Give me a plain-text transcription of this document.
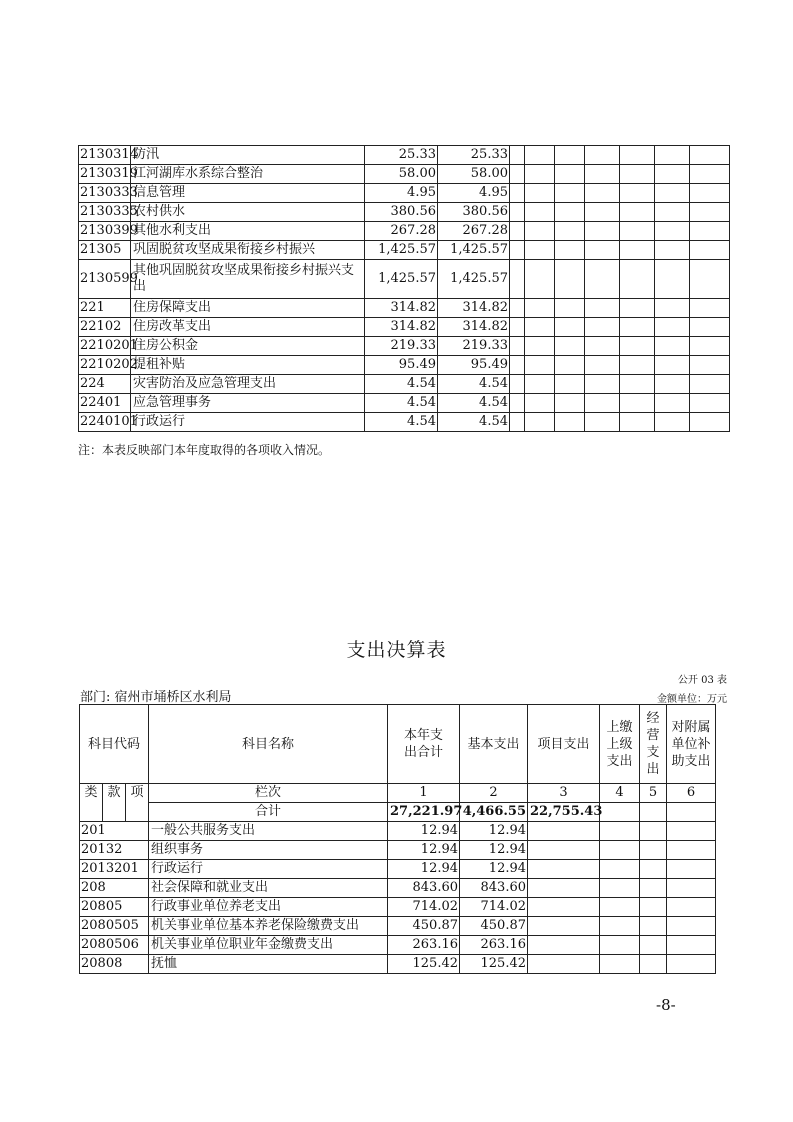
2130314	防汛	25.33	25.33							
2130319	江河湖库水系综合整治	58.00	58.00							
2130333	信息管理	4.95	4.95							
2130335	农村供水	380.56	380.56							
2130399	其他水利支出	267.28	267.28							
21305	巩固脱贫攻坚成果衔接乡村振兴	1,425.57	1,425.57							
2130599	其他巩固脱贫攻坚成果衔接乡村振兴支出	1,425.57	1,425.57							
221	住房保障支出	314.82	314.82							
22102	住房改革支出	314.82	314.82							
2210201	住房公积金	219.33	219.33							
2210202	提租补贴	95.49	95.49							
224	灾害防治及应急管理支出	4.54	4.54							
22401	应急管理事务	4.54	4.54							
2240101	行政运行	4.54	4.54							
注：本表反映部门本年度取得的各项收入情况。
支出决算表
公开 03 表
部门: 宿州市埇桥区水利局	金额单位：万元
科目代码			科目名称	本年支出合计	基本支出	项目支出	上缴上级支出	经营支出	对附属单位补助支出
类	款	项	栏次	1	2	3	4	5	6
			合计	27,221.97	4,466.55	22,755.43			
201			一般公共服务支出	12.94	12.94				
20132			组织事务	12.94	12.94				
2013201			行政运行	12.94	12.94				
208			社会保障和就业支出	843.60	843.60				
20805			行政事业单位养老支出	714.02	714.02				
2080505			机关事业单位基本养老保险缴费支出	450.87	450.87				
2080506			机关事业单位职业年金缴费支出	263.16	263.16				
20808			抚恤	125.42	125.42				
-8-
